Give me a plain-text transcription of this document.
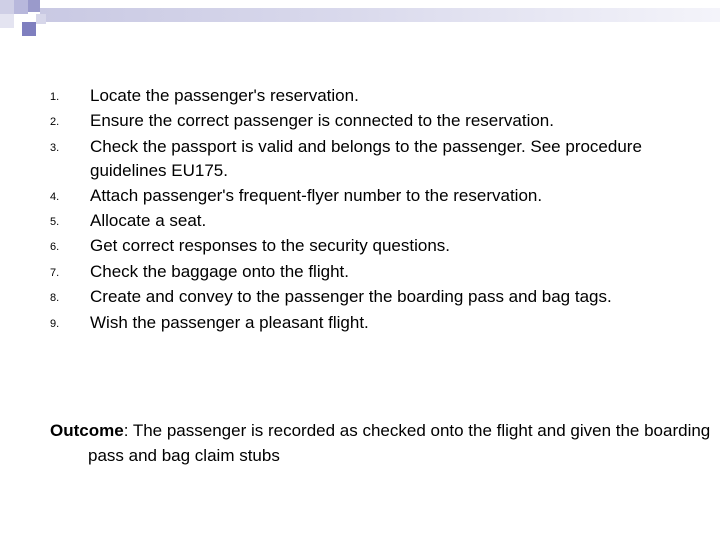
1.	Locate the passenger's reservation.
2.	Ensure the correct passenger is connected to the reservation.
3.	Check the passport is valid and belongs to the passenger. See procedure guidelines EU175.
4.	Attach passenger's frequent-flyer number to the reservation.
5.	Allocate a seat.
6.	Get correct responses to the security questions.
7.	Check the baggage onto the flight.
8.	Create and convey to the passenger the boarding pass and bag tags.
9.	Wish the passenger a pleasant flight.

Outcome: The passenger is recorded as checked onto the flight and given the boarding pass and bag claim stubs
